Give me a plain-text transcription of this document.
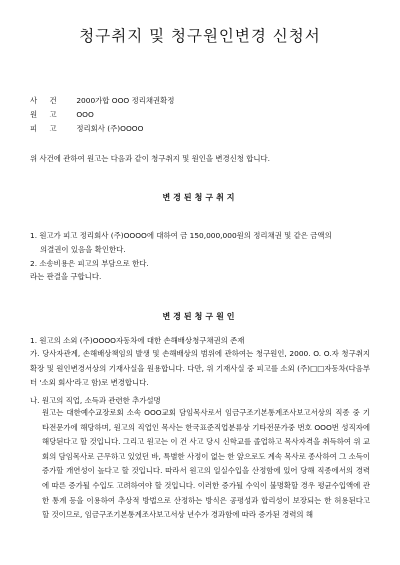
청구취지 및 청구원인변경 신청서
사 건 2000가합 OOO 정리채권확정
원 고 OOO
피 고 정리회사 (주)OOOO
위 사건에 관하여 원고는 다음과 같이 청구취지 및 원인을 변경신청 합니다.
변경된청구취지
1. 원고가 피고 정리회사 (주)OOOO에 대하여 금 150,000,000원의 정리채권 및 같은 금액의
의결권이 있음을 확인한다.
2. 소송비용은 피고의 부담으로 한다.
라는 판결을 구합니다.
변경된청구원인
1. 원고의 소외 (주)OOOO자동차에 대한 손해배상청구채권의 존재
가. 당사자관계, 손해배상책임의 발생 및 손해배상의 범위에 관하여는 청구원인, 2000. O. O.자 청구취지 확장 및 원인변경서상의 기재사실을 원용합니다. 다만, 위 기재사실 중 피고를 소외 (주)□□자동차(다음부터 '소외 회사'라고 함)로 변경합니다.
나. 원고의 직업, 소득과 관련한 추가설명
원고는 대한예수교장로회 소속 OOO교회 담임목사로서 임금구조기본통계조사보고서상의 직종 중 기타전문가에 해당하며, 원고의 직업인 목사는 한국표준직업분류상 기타전문가중 번호 OOO번 성직자에 해당된다고 할 것입니다. 그리고 원고는 이 건 사고 당시 신학교를 졸업하고 목사자격을 취득하여 위 교회의 담임목사로 근무하고 있었던 바, 특별한 사정이 없는 한 앞으로도 계속 목사로 종사하여 그 소득이 증가할 개연성이 높다고 할 것입니다. 따라서 원고의 일실수입을 산정함에 있어 당해 직종에서의 경력에 따른 증가될 수입도 고려하여야 할 것입니다. 이러한 증가될 수익이 불명확할 경우 평균수입액에 관한 통계 등을 이용하여 추상적 방법으로 산정하는 방식은 공평성과 합리성이 보장되는 한 허용된다고 할 것이므로, 임금구조기본통계조사보고서상 년수가 경과함에 따라 증가된 경력의 해
